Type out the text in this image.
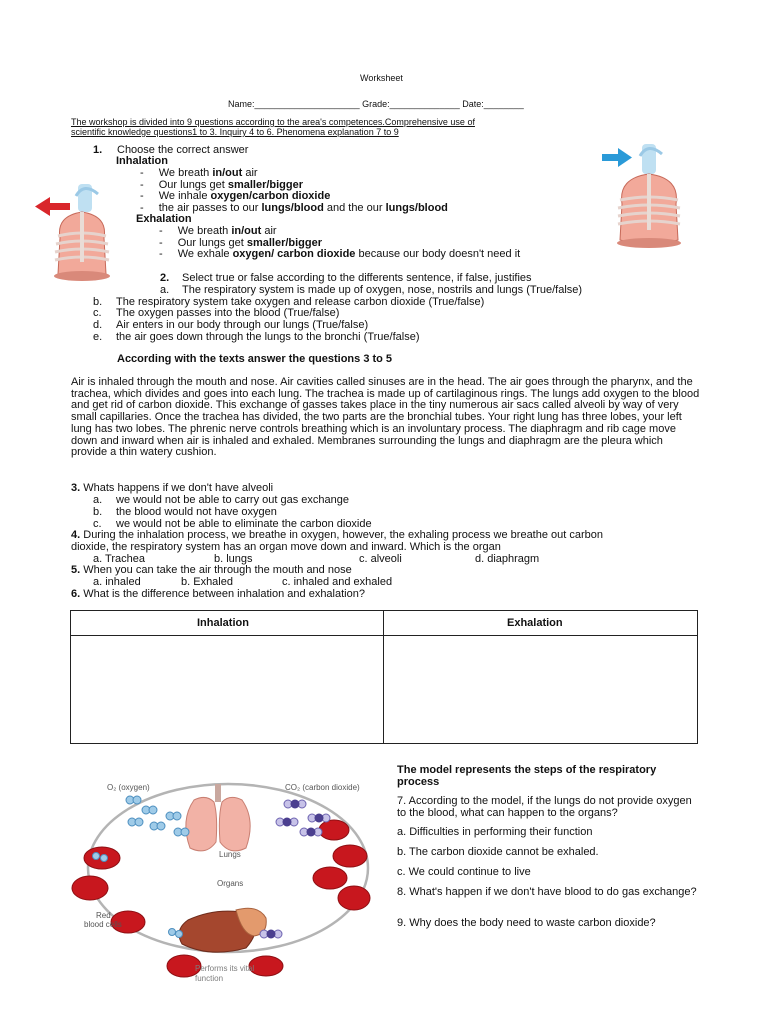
Worksheet
Name:_____________________ Grade:______________ Date:________
The workshop is divided into 9 questions according to the area's competences.Comprehensive use of
scientific knowledge questions1 to 3. Inquiry 4 to 6. Phenomena explanation 7 to 9
1. Choose the correct answer
Inhalation
- We breath in/out air
- Our lungs get smaller/bigger
- We inhale oxygen/carbon dioxide
- the air passes to our lungs/blood and the our lungs/blood
Exhalation
- We breath in/out air
- Our lungs get smaller/bigger
- We exhale oxygen/ carbon dioxide because our body doesn't need it
2. Select true or false according to the differents sentence, if false, justifies
a. The respiratory system is made up of oxygen, nose, nostrils and lungs (True/false)
b. The respiratory system take oxygen and release carbon dioxide (True/false)
c. The oxygen passes into the blood (True/false)
d. Air enters in our body through our lungs (True/false)
e. the air goes down through the lungs to the bronchi (True/false)
According with the texts answer the questions 3 to 5
Air is inhaled through the mouth and nose. Air cavities called sinuses are in the head. The air goes through the pharynx, and the trachea, which divides and goes into each lung. The trachea is made up of cartilaginous rings. The lungs add oxygen to the blood and get rid of carbon dioxide. This exchange of gasses takes place in the tiny numerous air sacs called alveoli by way of very small capillaries. Once the trachea has divided, the two parts are the bronchial tubes. Your right lung has three lobes, your left lung has two lobes. The phrenic nerve controls breathing which is an involuntary process. The diaphragm and rib cage move down and inward when air is inhaled and exhaled. Membranes surrounding the lungs and diaphragm are the pleura which provide a thin watery cushion.
3. Whats happens if we don't have alveoli
a. we would not be able to carry out gas exchange
b. the blood would not have oxygen
c. we would not be able to eliminate the carbon dioxide
4. During the inhalation process, we breathe in oxygen, however, the exhaling process we breathe out carbon
dioxide, the respiratory system has an organ move down and inward. Which is the organ
a. Trachea	b. lungs	c. alveoli	d. diaphragm
5. When you can take the air through the mouth and nose
a. inhaled	b. Exhaled	c. inhaled and exhaled
6. What is the difference between inhalation and exhalation?
Inhalation	Exhalation
O₂ (oxygen)	CO₂ (carbon dioxide)
Lungs
Organs
Red
blood cells
Performs its vital
function
The model represents the steps of the respiratory process
7. According to the model, if the lungs do not provide oxygen to the blood, what can happen to the organs?
a. Difficulties in performing their function
b. The carbon dioxide cannot be exhaled.
c. We could continue to live
8. What's happen if we don't have blood to do gas exchange?
9. Why does the body need to waste carbon dioxide?
